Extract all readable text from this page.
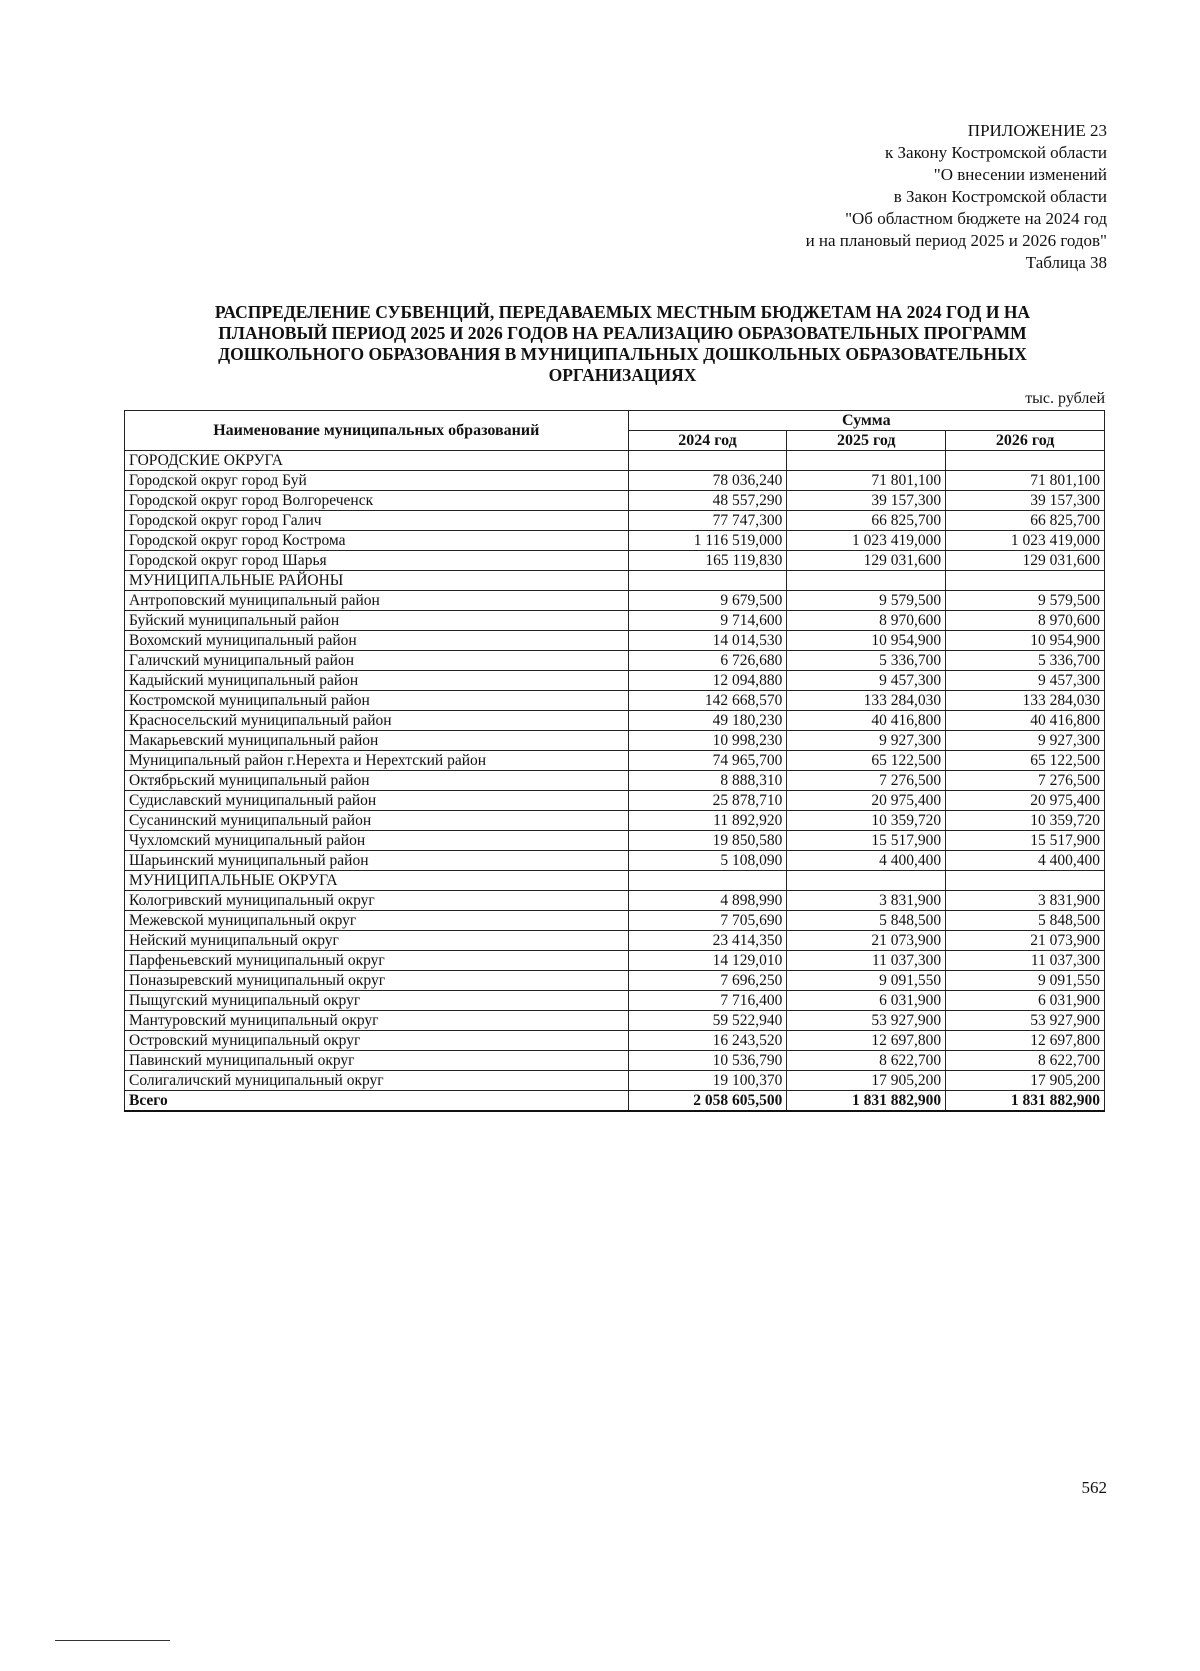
ПРИЛОЖЕНИЕ 23
к Закону Костромской области
"О внесении изменений
в Закон Костромской области
"Об областном бюджете на 2024 год
и на плановый период 2025 и 2026 годов"
Таблица 38
РАСПРЕДЕЛЕНИЕ СУБВЕНЦИЙ, ПЕРЕДАВАЕМЫХ МЕСТНЫМ БЮДЖЕТАМ НА 2024 ГОД И НА
ПЛАНОВЫЙ ПЕРИОД 2025 И 2026 ГОДОВ НА РЕАЛИЗАЦИЮ ОБРАЗОВАТЕЛЬНЫХ ПРОГРАММ
ДОШКОЛЬНОГО ОБРАЗОВАНИЯ В МУНИЦИПАЛЬНЫХ ДОШКОЛЬНЫХ ОБРАЗОВАТЕЛЬНЫХ
ОРГАНИЗАЦИЯХ
тыс. рублей
Наименование муниципальных образований	Сумма		
	2024 год	2025 год	2026 год
ГОРОДСКИЕ ОКРУГА			
Городской округ город Буй	78 036,240	71 801,100	71 801,100
Городской округ город Волгореченск	48 557,290	39 157,300	39 157,300
Городской округ город Галич	77 747,300	66 825,700	66 825,700
Городской округ город Кострома	1 116 519,000	1 023 419,000	1 023 419,000
Городской округ город Шарья	165 119,830	129 031,600	129 031,600
МУНИЦИПАЛЬНЫЕ РАЙОНЫ			
Антроповский муниципальный район	9 679,500	9 579,500	9 579,500
Буйский муниципальный район	9 714,600	8 970,600	8 970,600
Вохомский муниципальный район	14 014,530	10 954,900	10 954,900
Галичский муниципальный район	6 726,680	5 336,700	5 336,700
Кадыйский муниципальный район	12 094,880	9 457,300	9 457,300
Костромской муниципальный район	142 668,570	133 284,030	133 284,030
Красносельский муниципальный район	49 180,230	40 416,800	40 416,800
Макарьевский муниципальный район	10 998,230	9 927,300	9 927,300
Муниципальный район г.Нерехта и Нерехтский район	74 965,700	65 122,500	65 122,500
Октябрьский муниципальный район	8 888,310	7 276,500	7 276,500
Судиславский муниципальный район	25 878,710	20 975,400	20 975,400
Сусанинский муниципальный район	11 892,920	10 359,720	10 359,720
Чухломский муниципальный район	19 850,580	15 517,900	15 517,900
Шарьинский муниципальный район	5 108,090	4 400,400	4 400,400
МУНИЦИПАЛЬНЫЕ ОКРУГА			
Кологривский муниципальный округ	4 898,990	3 831,900	3 831,900
Межевской муниципальный округ	7 705,690	5 848,500	5 848,500
Нейский муниципальный округ	23 414,350	21 073,900	21 073,900
Парфеньевский муниципальный округ	14 129,010	11 037,300	11 037,300
Поназыревский муниципальный округ	7 696,250	9 091,550	9 091,550
Пыщугский муниципальный округ	7 716,400	6 031,900	6 031,900
Мантуровский муниципальный округ	59 522,940	53 927,900	53 927,900
Островский муниципальный округ	16 243,520	12 697,800	12 697,800
Павинский муниципальный округ	10 536,790	8 622,700	8 622,700
Солигаличский муниципальный округ	19 100,370	17 905,200	17 905,200
Всего	2 058 605,500	1 831 882,900	1 831 882,900
562
